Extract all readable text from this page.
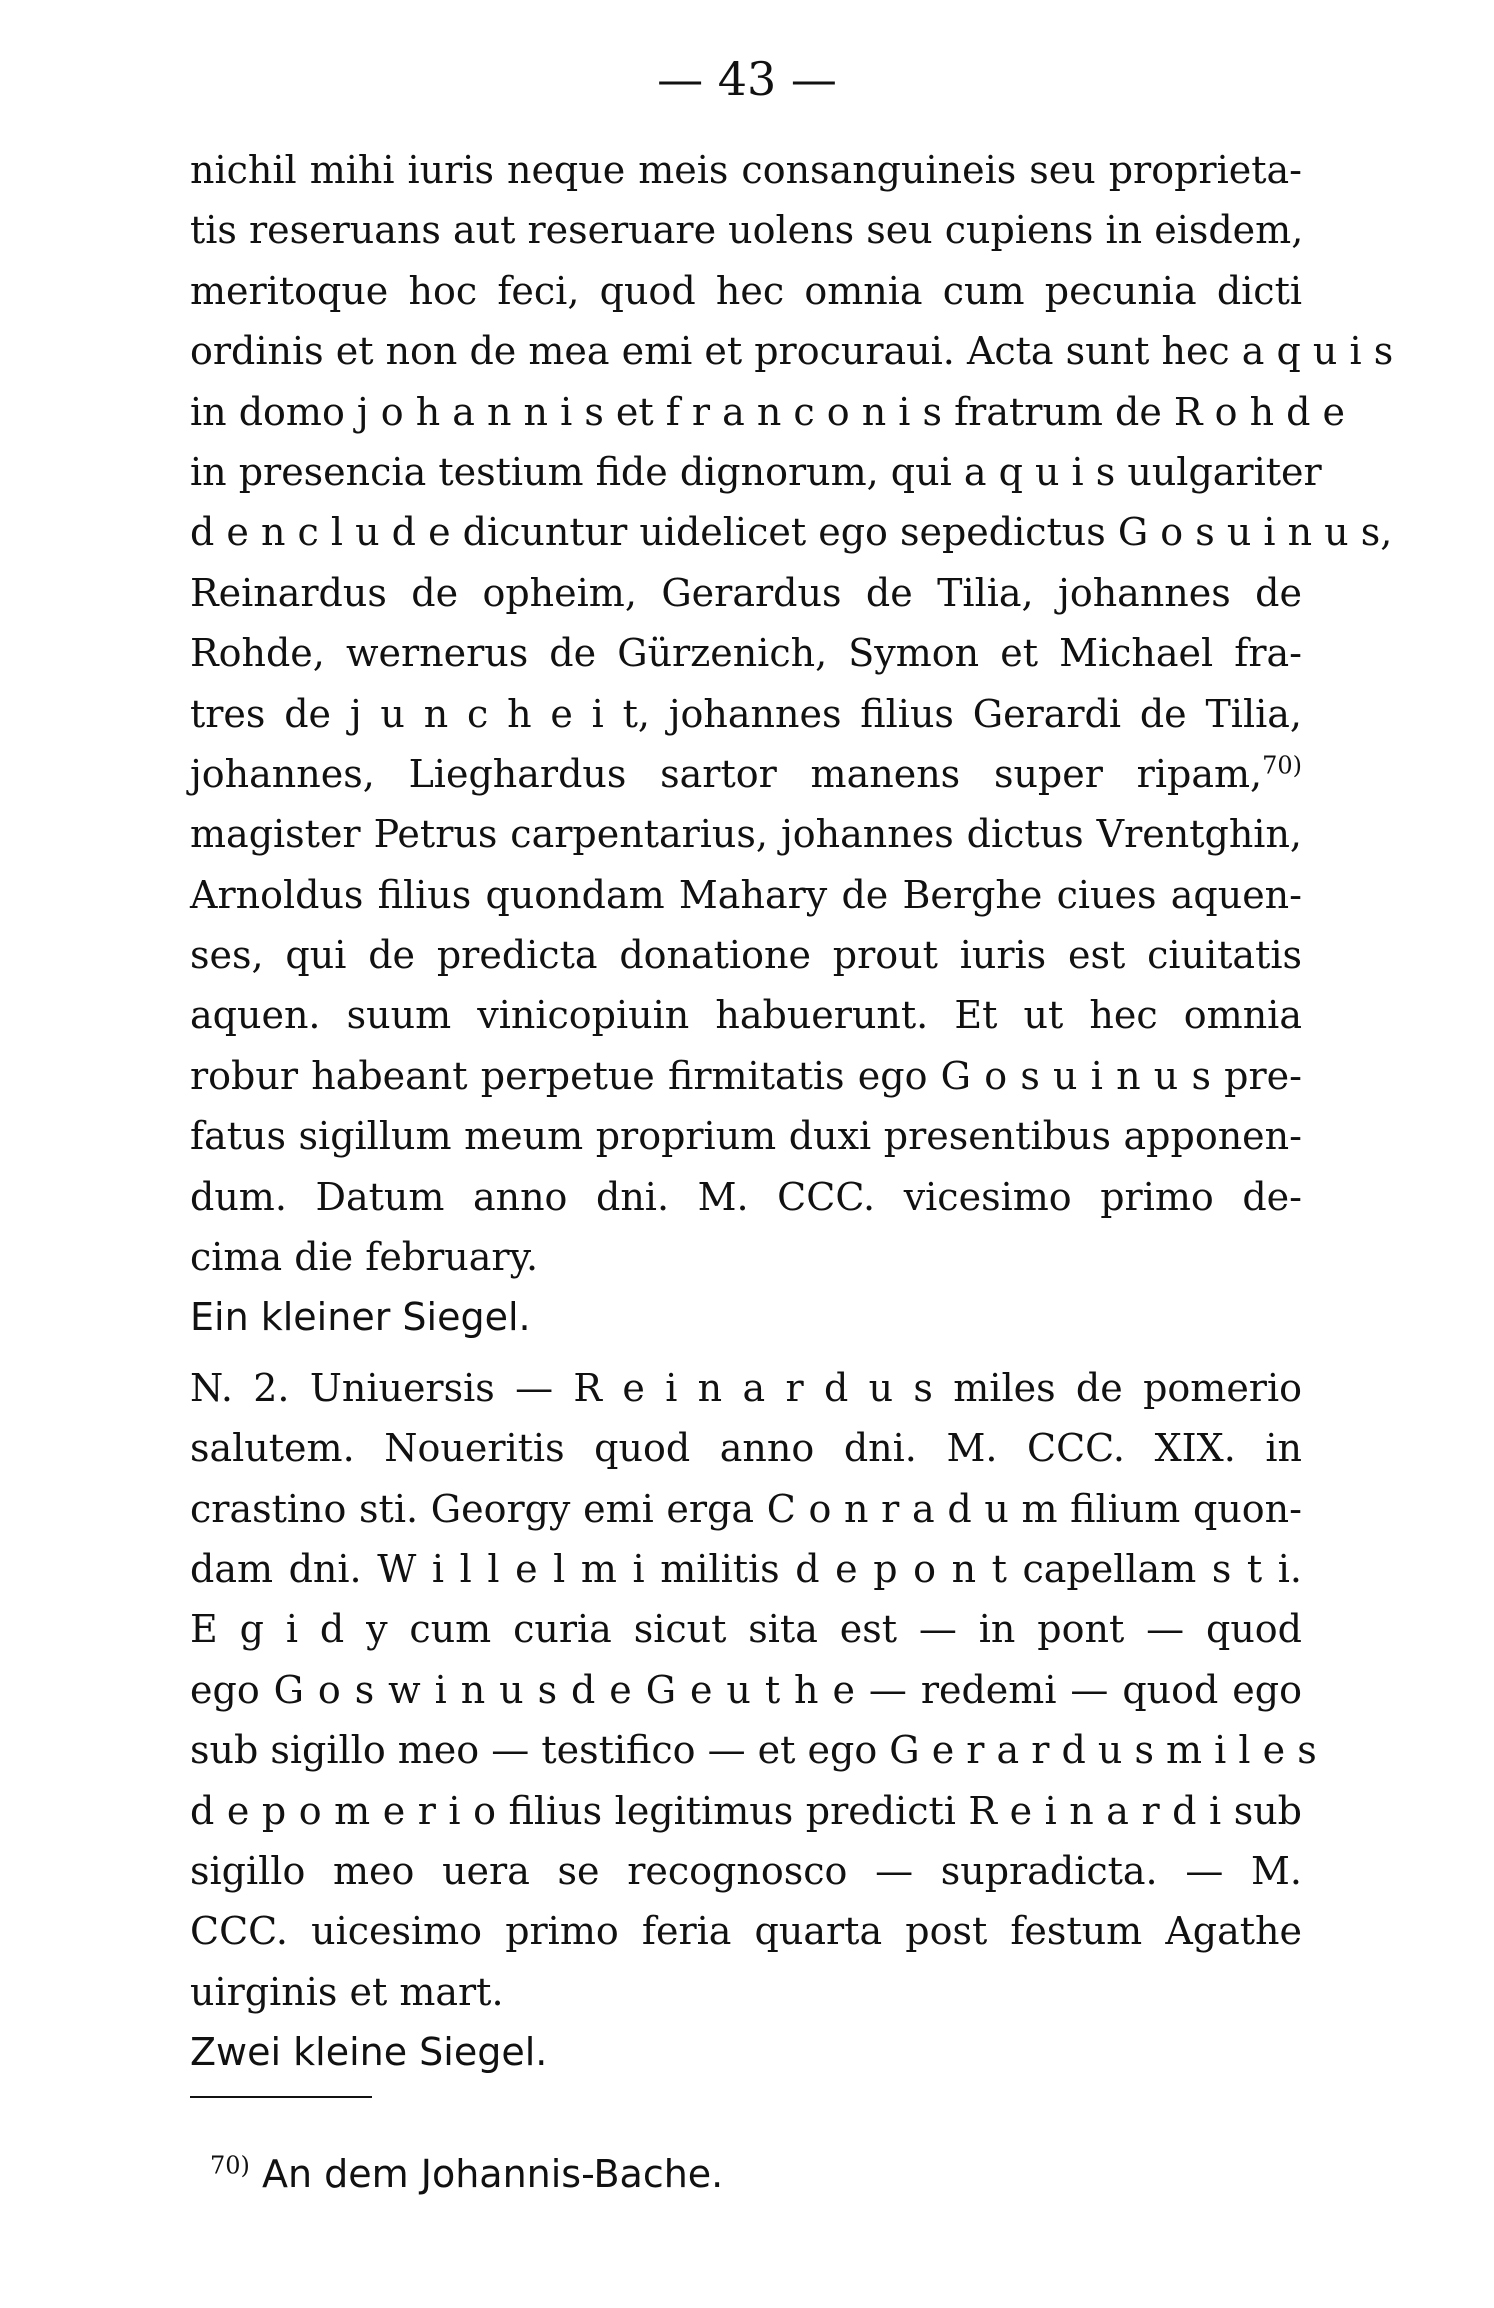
— 43 —
nichil mihi iuris neque meis consanguineis seu proprieta-
tis reseruans aut reseruare uolens seu cupiens in eisdem,
meritoque hoc feci, quod hec omnia cum pecunia dicti
ordinis et non de mea emi et procuraui. Acta sunt hec a q u i s
in domo j o h a n n i s et f r a n c o n i s fratrum de R o h d e
in presencia testium fide dignorum, qui a q u i s uulgariter
d e n c l u d e dicuntur uidelicet ego sepedictus G o s u i n u s,
Reinardus de opheim, Gerardus de Tilia, johannes de
Rohde, wernerus de Gürzenich, Symon et Michael fra-
tres de j u n c h e i t, johannes filius Gerardi de Tilia,
johannes, Lieghardus sartor manens super ripam,$^{70)}$
magister Petrus carpentarius, johannes dictus Vrentghin,
Arnoldus filius quondam Mahary de Berghe ciues aquen-
ses, qui de predicta donatione prout iuris est ciuitatis
aquen. suum vinicopiuin habuerunt. Et ut hec omnia
robur habeant perpetue firmitatis ego G o s u i n u s pre-
fatus sigillum meum proprium duxi presentibus apponen-
dum. Datum anno dni. M. CCC. vicesimo primo de-
cima die february.
Ein kleiner Siegel.
N. 2. Uniuersis — R e i n a r d u s miles de pomerio
salutem. Noueritis quod anno dni. M. CCC. XIX. in
crastino sti. Georgy emi erga C o n r a d u m filium quon-
dam dni. W i l l e l m i militis d e p o n t capellam s t i.
E g i d y cum curia sicut sita est — in pont — quod
ego G o s w i n u s d e G e u t h e — redemi — quod ego
sub sigillo meo — testifico — et ego G e r a r d u s m i l e s
d e p o m e r i o filius legitimus predicti R e i n a r d i sub
sigillo meo uera se recognosco — supradicta. — M.
CCC. uicesimo primo feria quarta post festum Agathe
uirginis et mart.
Zwei kleine Siegel.
$^{70)}$ An dem Johannis-Bache.
